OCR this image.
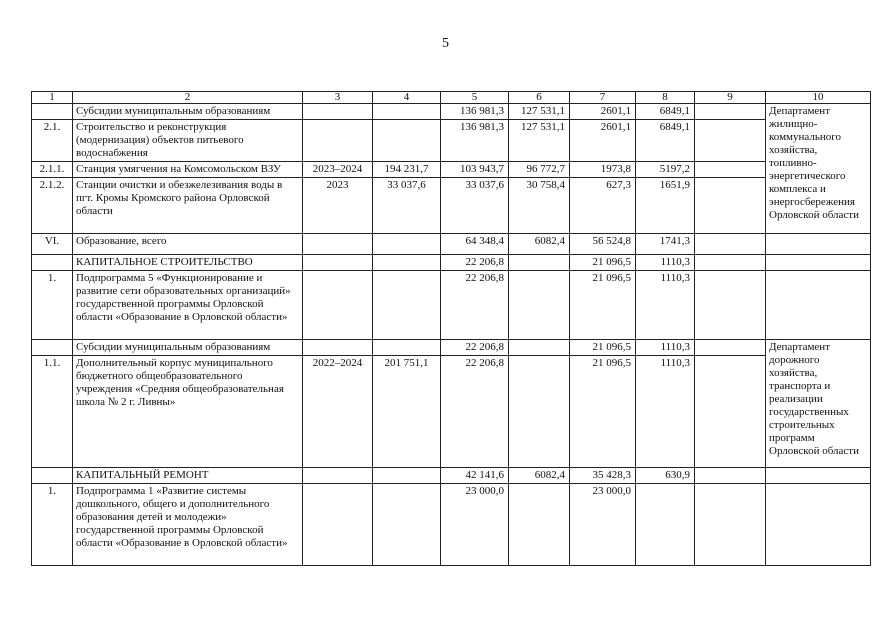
5
1	2	3	4	5	6	7	8	9	10
	Субсидии муниципальным образованиям			136 981,3	127 531,1	2601,1	6849,1		Департамент жилищно-коммунального хозяйства, топливно-энергетического комплекса и энергосбережения Орловской области
2.1.	Строительство и реконструкция (модернизация) объектов питьевого водоснабжения			136 981,3	127 531,1	2601,1	6849,1		
2.1.1.	Станция умягчения на Комсомольском ВЗУ	2023–2024	194 231,7	103 943,7	96 772,7	1973,8	5197,2		
2.1.2.	Станции очистки и обезжелезивания воды в пгт. Кромы Кромского района Орловской области	2023	33 037,6	33 037,6	30 758,4	627,3	1651,9		
VI.	Образование, всего			64 348,4	6082,4	56 524,8	1741,3		
	КАПИТАЛЬНОЕ СТРОИТЕЛЬСТВО			22 206,8		21 096,5	1110,3		
1.	Подпрограмма 5 «Функционирование и развитие сети образовательных организаций» государственной программы Орловской области «Образование в Орловской области»			22 206,8		21 096,5	1110,3		
	Субсидии муниципальным образованиям			22 206,8		21 096,5	1110,3		Департамент дорожного хозяйства, транспорта и реализации государственных строительных программ Орловской области
1.1.	Дополнительный корпус муниципального бюджетного общеобразовательного учреждения «Средняя общеобразовательная школа № 2 г. Ливны»	2022–2024	201 751,1	22 206,8		21 096,5	1110,3		
	КАПИТАЛЬНЫЙ РЕМОНТ			42 141,6	6082,4	35 428,3	630,9		
1.	Подпрограмма 1 «Развитие системы дошкольного, общего и дополнительного образования детей и молодежи» государственной программы Орловской области «Образование в Орловской области»			23 000,0		23 000,0			
